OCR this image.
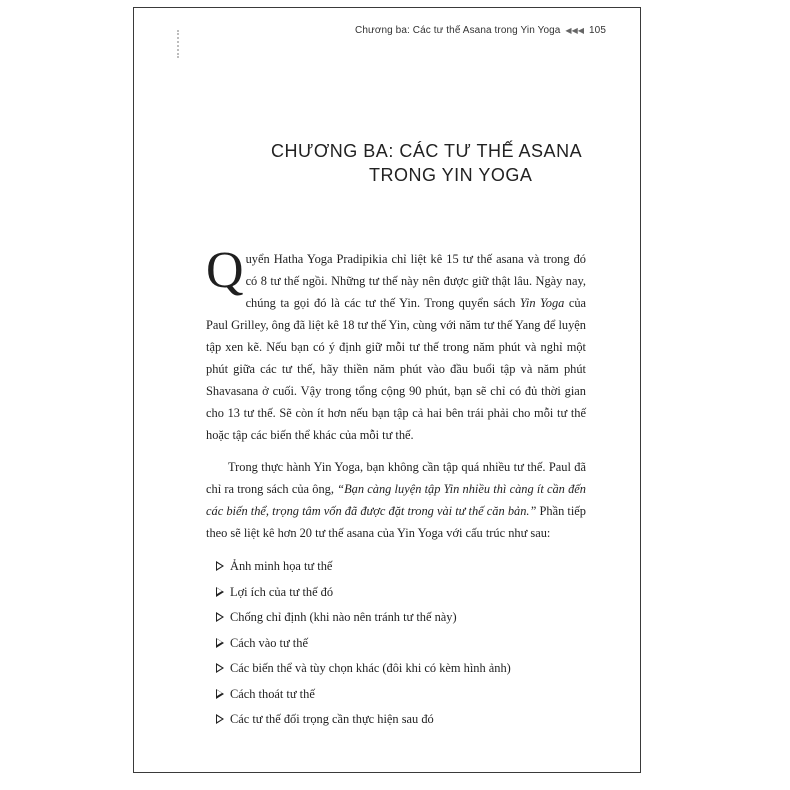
Chương ba: Các tư thế Asana trong Yin Yoga ◀◀◀ 105
CHƯƠNG BA: CÁC TƯ THẾ ASANA
TRONG YIN YOGA

Quyển Hatha Yoga Pradipikia chỉ liệt kê 15 tư thế asana và trong đó có 8 tư thế ngồi. Những tư thế này nên được giữ thật lâu. Ngày nay, chúng ta gọi đó là các tư thế Yin. Trong quyển sách Yin Yoga của Paul Grilley, ông đã liệt kê 18 tư thế Yin, cùng với năm tư thế Yang để luyện tập xen kẽ. Nếu bạn có ý định giữ mỗi tư thế trong năm phút và nghỉ một phút giữa các tư thế, hãy thiền năm phút vào đầu buổi tập và năm phút Shavasana ở cuối. Vậy trong tổng cộng 90 phút, bạn sẽ chỉ có đủ thời gian cho 13 tư thế. Sẽ còn ít hơn nếu bạn tập cả hai bên trái phải cho mỗi tư thế hoặc tập các biến thể khác của mỗi tư thế.

Trong thực hành Yin Yoga, bạn không cần tập quá nhiều tư thế. Paul đã chỉ ra trong sách của ông, “Bạn càng luyện tập Yin nhiều thì càng ít cần đến các biến thể, trọng tâm vốn đã được đặt trong vài tư thế căn bản.” Phần tiếp theo sẽ liệt kê hơn 20 tư thế asana của Yin Yoga với cấu trúc như sau:

Ảnh minh họa tư thế
Lợi ích của tư thế đó
Chống chỉ định (khi nào nên tránh tư thế này)
Cách vào tư thế
Các biến thể và tùy chọn khác (đôi khi có kèm hình ảnh)
Cách thoát tư thế
Các tư thế đối trọng cần thực hiện sau đó
